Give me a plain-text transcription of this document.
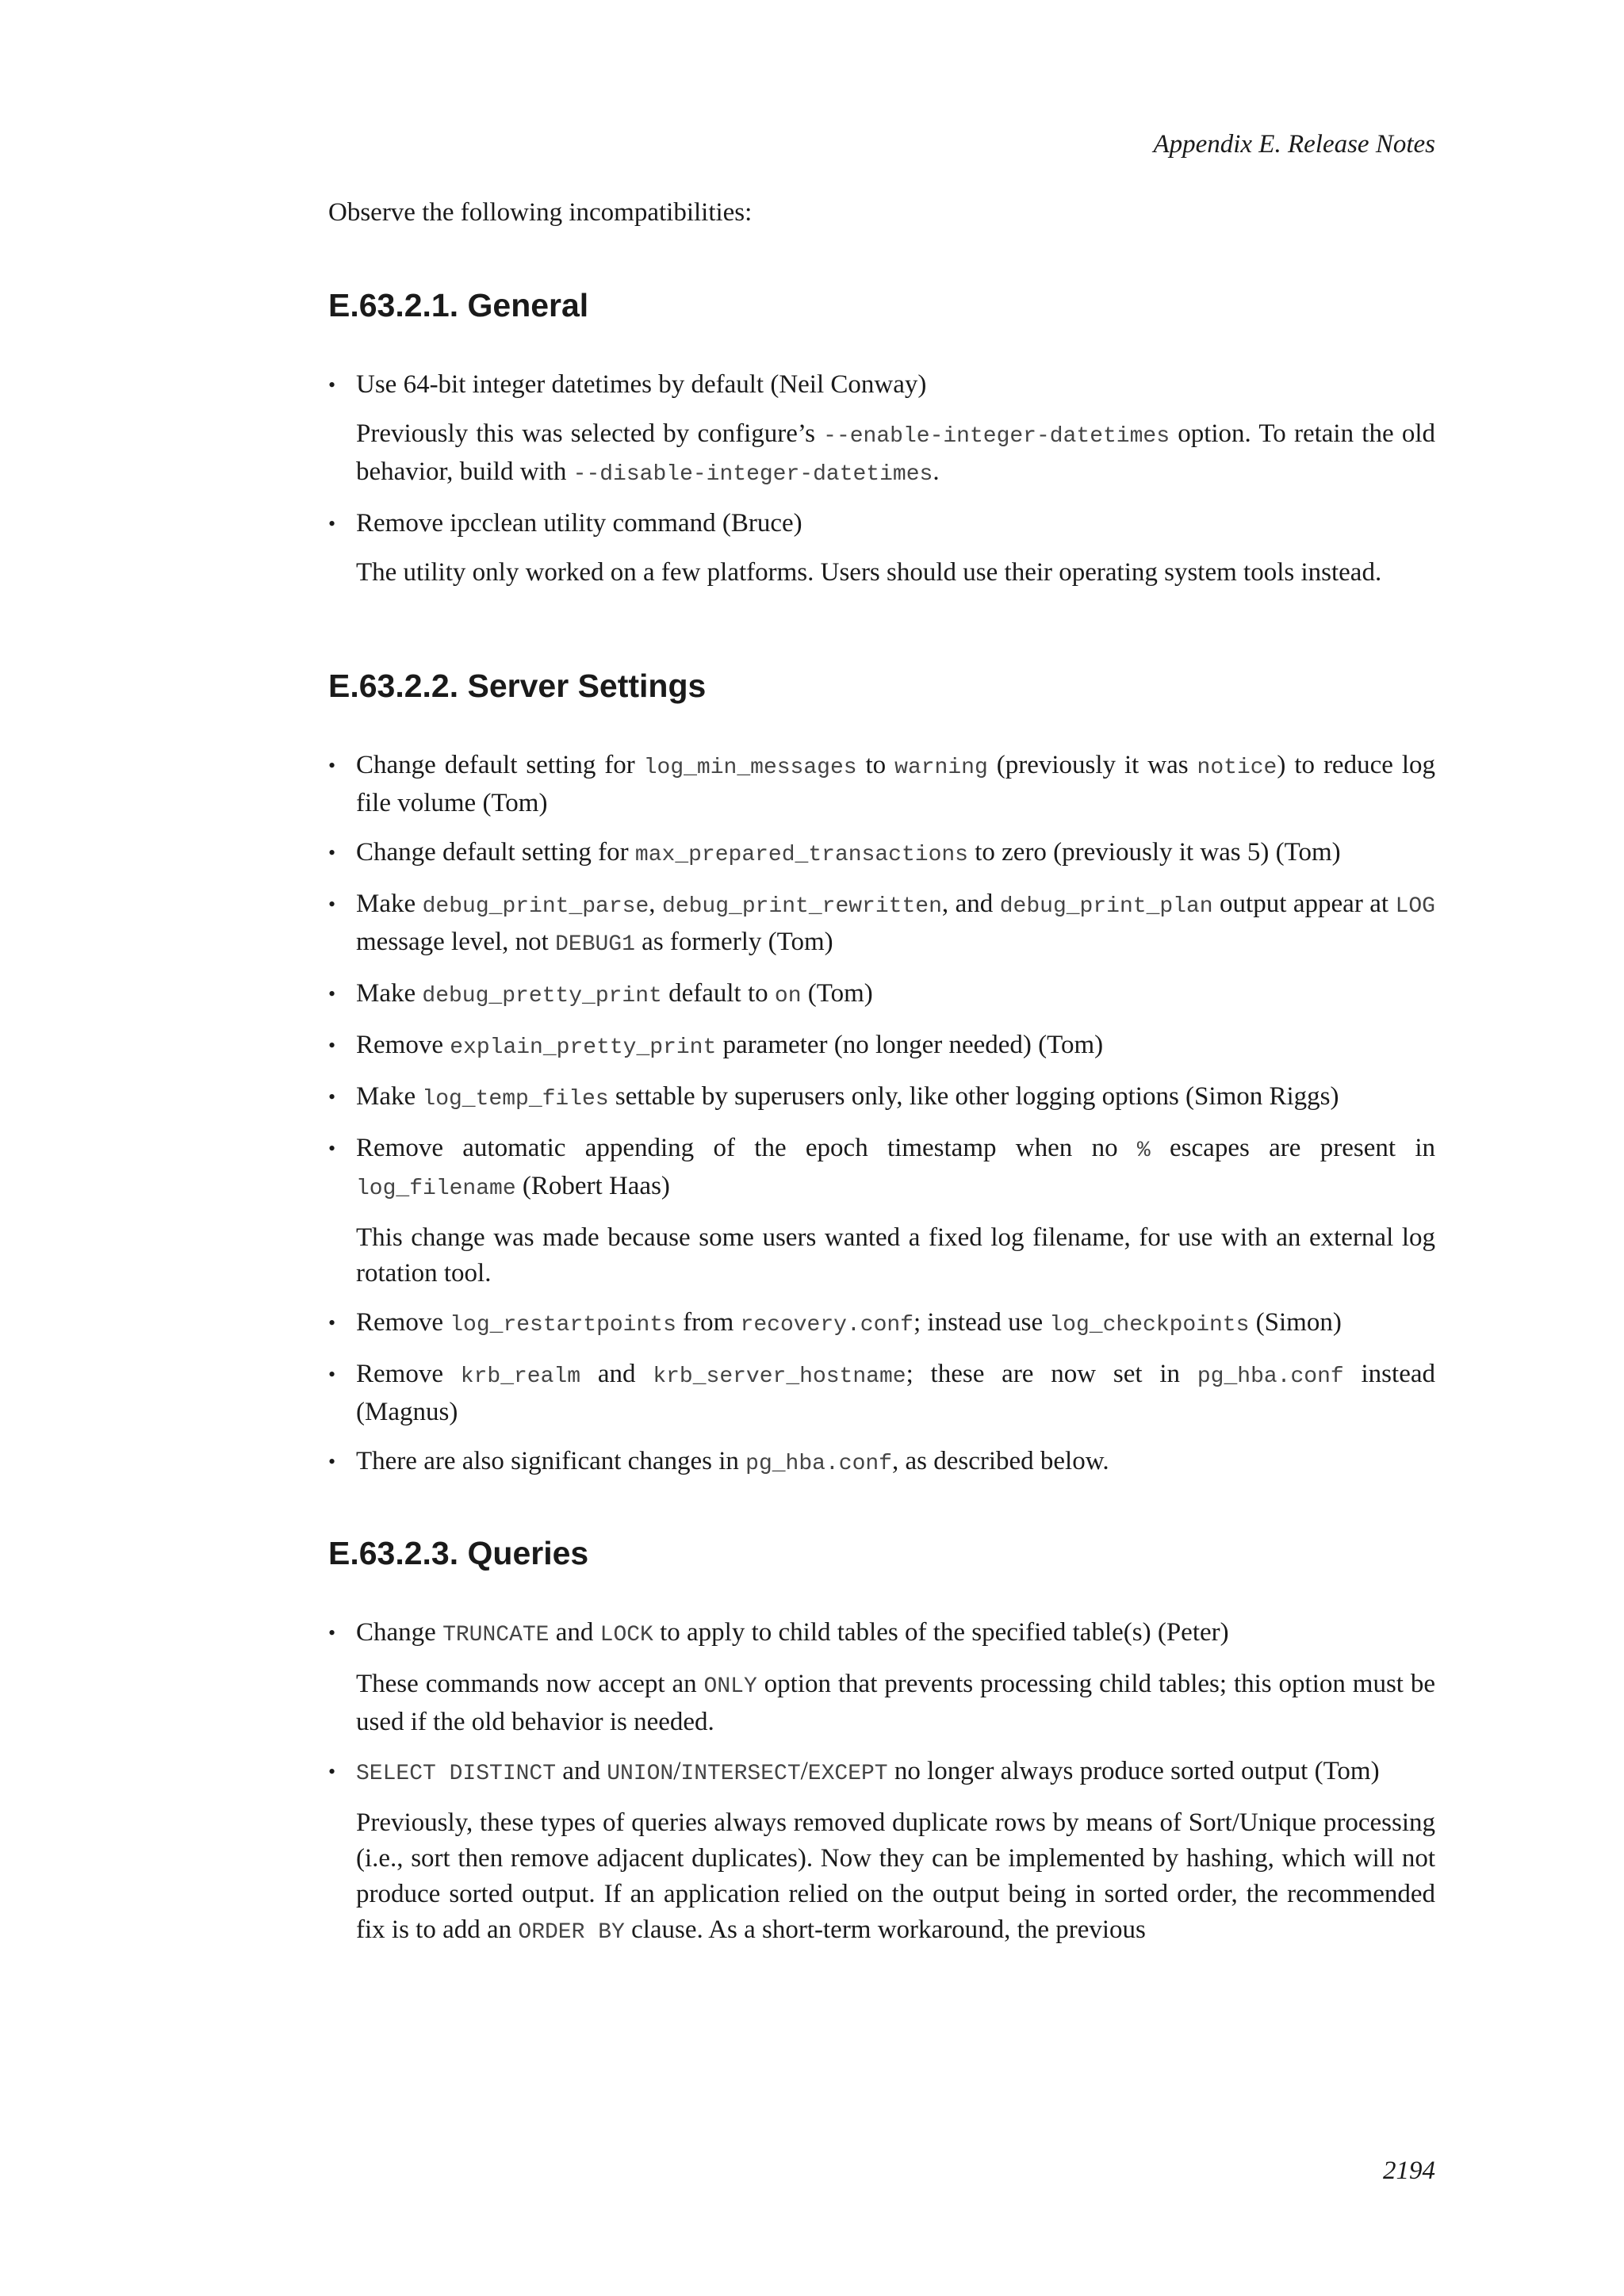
Appendix E. Release Notes
Observe the following incompatibilities:
E.63.2.1. General
• Use 64-bit integer datetimes by default (Neil Conway)
Previously this was selected by configure’s --enable-integer-datetimes option. To retain the old behavior, build with --disable-integer-datetimes.
• Remove ipcclean utility command (Bruce)
The utility only worked on a few platforms. Users should use their operating system tools instead.
E.63.2.2. Server Settings
• Change default setting for log_min_messages to warning (previously it was notice) to reduce log file volume (Tom)
• Change default setting for max_prepared_transactions to zero (previously it was 5) (Tom)
• Make debug_print_parse, debug_print_rewritten, and debug_print_plan output appear at LOG message level, not DEBUG1 as formerly (Tom)
• Make debug_pretty_print default to on (Tom)
• Remove explain_pretty_print parameter (no longer needed) (Tom)
• Make log_temp_files settable by superusers only, like other logging options (Simon Riggs)
• Remove automatic appending of the epoch timestamp when no % escapes are present in log_filename (Robert Haas)
This change was made because some users wanted a fixed log filename, for use with an external log rotation tool.
• Remove log_restartpoints from recovery.conf; instead use log_checkpoints (Simon)
• Remove krb_realm and krb_server_hostname; these are now set in pg_hba.conf instead (Magnus)
• There are also significant changes in pg_hba.conf, as described below.
E.63.2.3. Queries
• Change TRUNCATE and LOCK to apply to child tables of the specified table(s) (Peter)
These commands now accept an ONLY option that prevents processing child tables; this option must be used if the old behavior is needed.
• SELECT DISTINCT and UNION/INTERSECT/EXCEPT no longer always produce sorted output (Tom)
Previously, these types of queries always removed duplicate rows by means of Sort/Unique processing (i.e., sort then remove adjacent duplicates). Now they can be implemented by hashing, which will not produce sorted output. If an application relied on the output being in sorted order, the recommended fix is to add an ORDER BY clause. As a short-term workaround, the previous
2194
